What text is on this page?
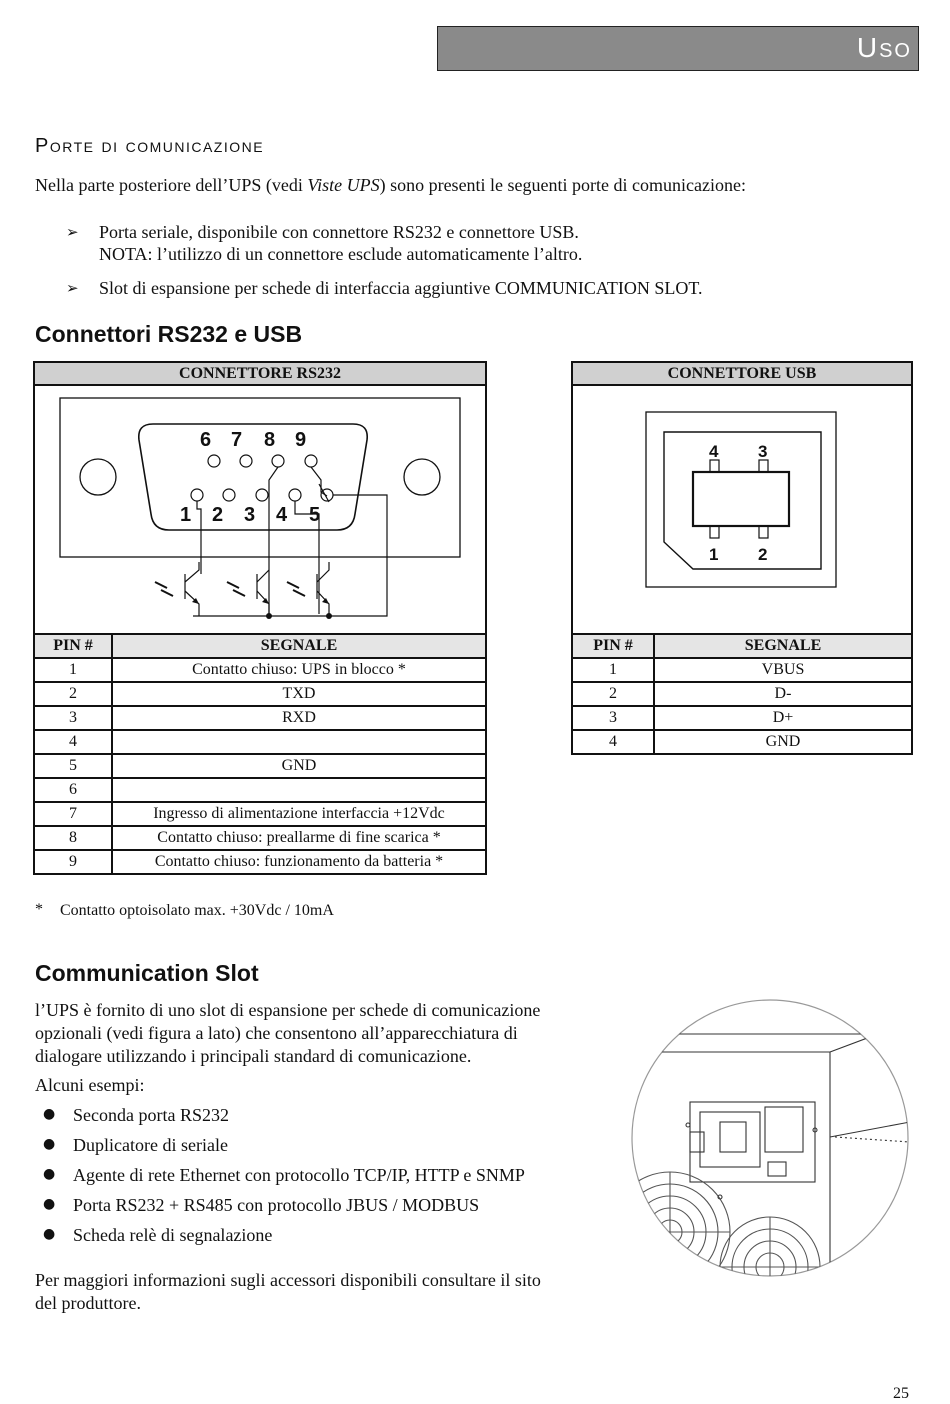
Uso
Porte di comunicazione
Nella parte posteriore dell’UPS (vedi Viste UPS) sono presenti le seguenti porte di comunicazione:
➢ Porta seriale, disponibile con connettore RS232 e connettore USB.
NOTA: l’utilizzo di un connettore esclude automaticamente l’altro.
➢ Slot di espansione per schede di interfaccia aggiuntive COMMUNICATION SLOT.
Connettori RS232 e USB
CONNETTORE RS232
6 7 8 9
1 2 3 4 5
PIN #	SEGNALE
1	Contatto chiuso: UPS in blocco *
2	TXD
3	RXD
4	
5	GND
6	
7	Ingresso di alimentazione interfaccia +12Vdc
8	Contatto chiuso: preallarme di fine scarica *
9	Contatto chiuso: funzionamento da batteria *
CONNETTORE USB
4 3
1 2
PIN #	SEGNALE
1	VBUS
2	D-
3	D+
4	GND
* Contatto optoisolato max. +30Vdc / 10mA
Communication Slot
l’UPS è fornito di uno slot di espansione per schede di comunicazione
opzionali (vedi figura a lato) che consentono all’apparecchiatura di
dialogare utilizzando i principali standard di comunicazione.
Alcuni esempi:
● Seconda porta RS232
● Duplicatore di seriale
● Agente di rete Ethernet con protocollo TCP/IP, HTTP e SNMP
● Porta RS232 + RS485 con protocollo JBUS / MODBUS
● Scheda relè di segnalazione
Per maggiori informazioni sugli accessori disponibili consultare il sito
del produttore.
25
